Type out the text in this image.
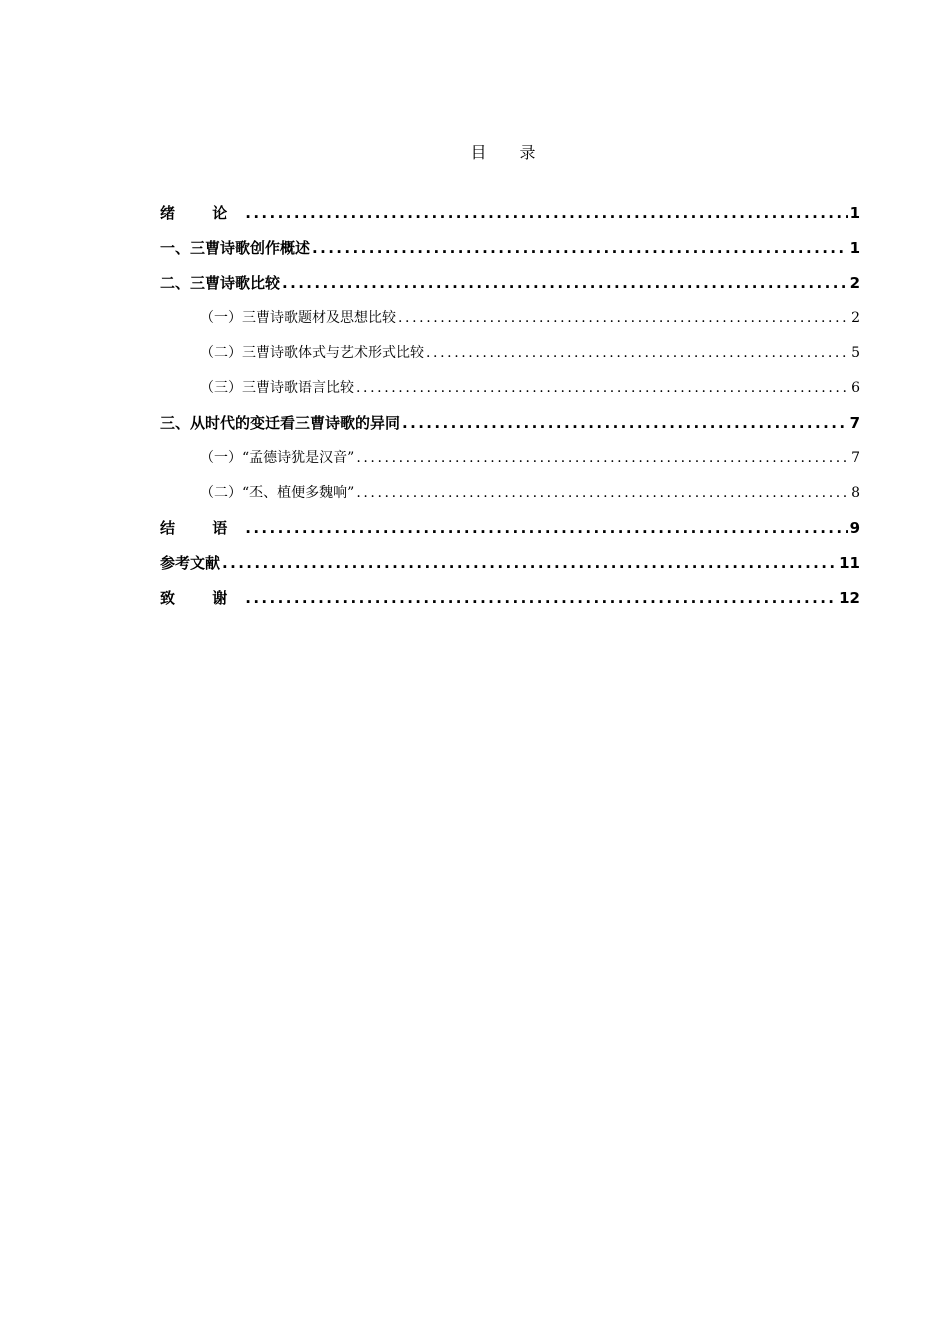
目 录
绪 论 .....	1
一、三曹诗歌创作概述 .....	1
二、三曹诗歌比较 .....	2
（一）三曹诗歌题材及思想比较 .....	2
（二）三曹诗歌体式与艺术形式比较 .....	5
（三）三曹诗歌语言比较 .....	6
三、从时代的变迁看三曹诗歌的异同 .....	7
（一）“孟德诗犹是汉音” .....	7
（二）“丕、植便多魏响” .....	8
结 语 .....	9
参考文献 .....	11
致 谢 .....	12
